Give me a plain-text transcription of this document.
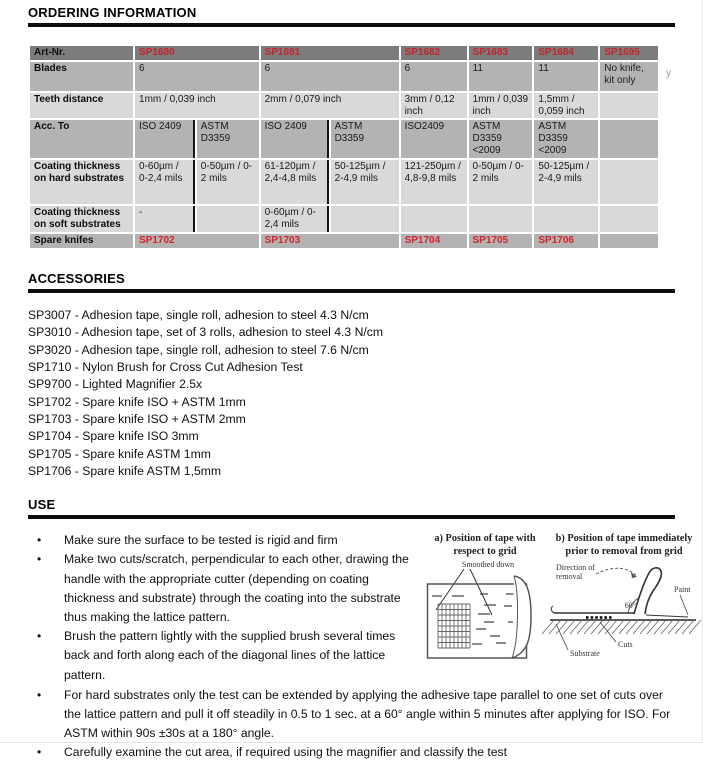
ORDERING INFORMATION
Art-Nr.	SP1680		SP1681		SP1682	SP1683	SP1684	SP1695
Blades	6		6		6	11	11	No knife, kit only
Teeth distance	1mm / 0,039 inch		2mm / 0,079 inch		3mm / 0,12 inch	1mm / 0,039 inch	1,5mm / 0,059 inch	
Acc. To	ISO 2409	ASTM D3359	ISO 2409	ASTM D3359	ISO2409	ASTM D3359 <2009	ASTM D3359 <2009	
Coating thickness on hard substrates	0-60µm / 0-2,4 mils	0-50µm / 0-2 mils	61-120µm / 2,4-4,8 mils	50-125µm / 2-4,9 mils	121-250µm / 4,8-9,8 mils	0-50µm / 0-2 mils	50-125µm / 2-4,9 mils	
Coating thickness on soft substrates	-		0-60µm / 0-2,4 mils					
Spare knifes	SP1702		SP1703		SP1704	SP1705	SP1706	
y
ACCESSORIES
SP3007 - Adhesion tape, single roll, adhesion to steel 4.3 N/cm
SP3010 - Adhesion tape, set of 3 rolls, adhesion to steel 4.3 N/cm
SP3020 - Adhesion tape, single roll, adhesion to steel 7.6 N/cm
SP1710 - Nylon Brush for Cross Cut Adhesion Test
SP9700 - Lighted Magnifier 2.5x
SP1702 - Spare knife ISO + ASTM 1mm
SP1703 - Spare knife ISO + ASTM 2mm
SP1704 - Spare knife ISO 3mm
SP1705 - Spare knife ASTM 1mm
SP1706 - Spare knife ASTM 1,5mm
USE
• Make sure the surface to be tested is rigid and firm
• Make two cuts/scratch, perpendicular to each other, drawing the handle with the appropriate cutter (depending on coating thickness and substrate) through the coating into the substrate thus making the lattice pattern.
• Brush the pattern lightly with the supplied brush several times back and forth along each of the diagonal lines of the lattice pattern.
a) Position of tape with respect to grid
Smoothed down
b) Position of tape immediately prior to removal from grid
Direction of
removal
60°
Paint
Cuts
Substrate
• For hard substrates only the test can be extended by applying the adhesive tape parallel to one set of cuts over the lattice pattern and pull it off steadily in 0.5 to 1 sec. at a 60° angle within 5 minutes after applying for ISO. For ASTM within 90s ±30s at a 180° angle.
• Carefully examine the cut area, if required using the magnifier and classify the test
